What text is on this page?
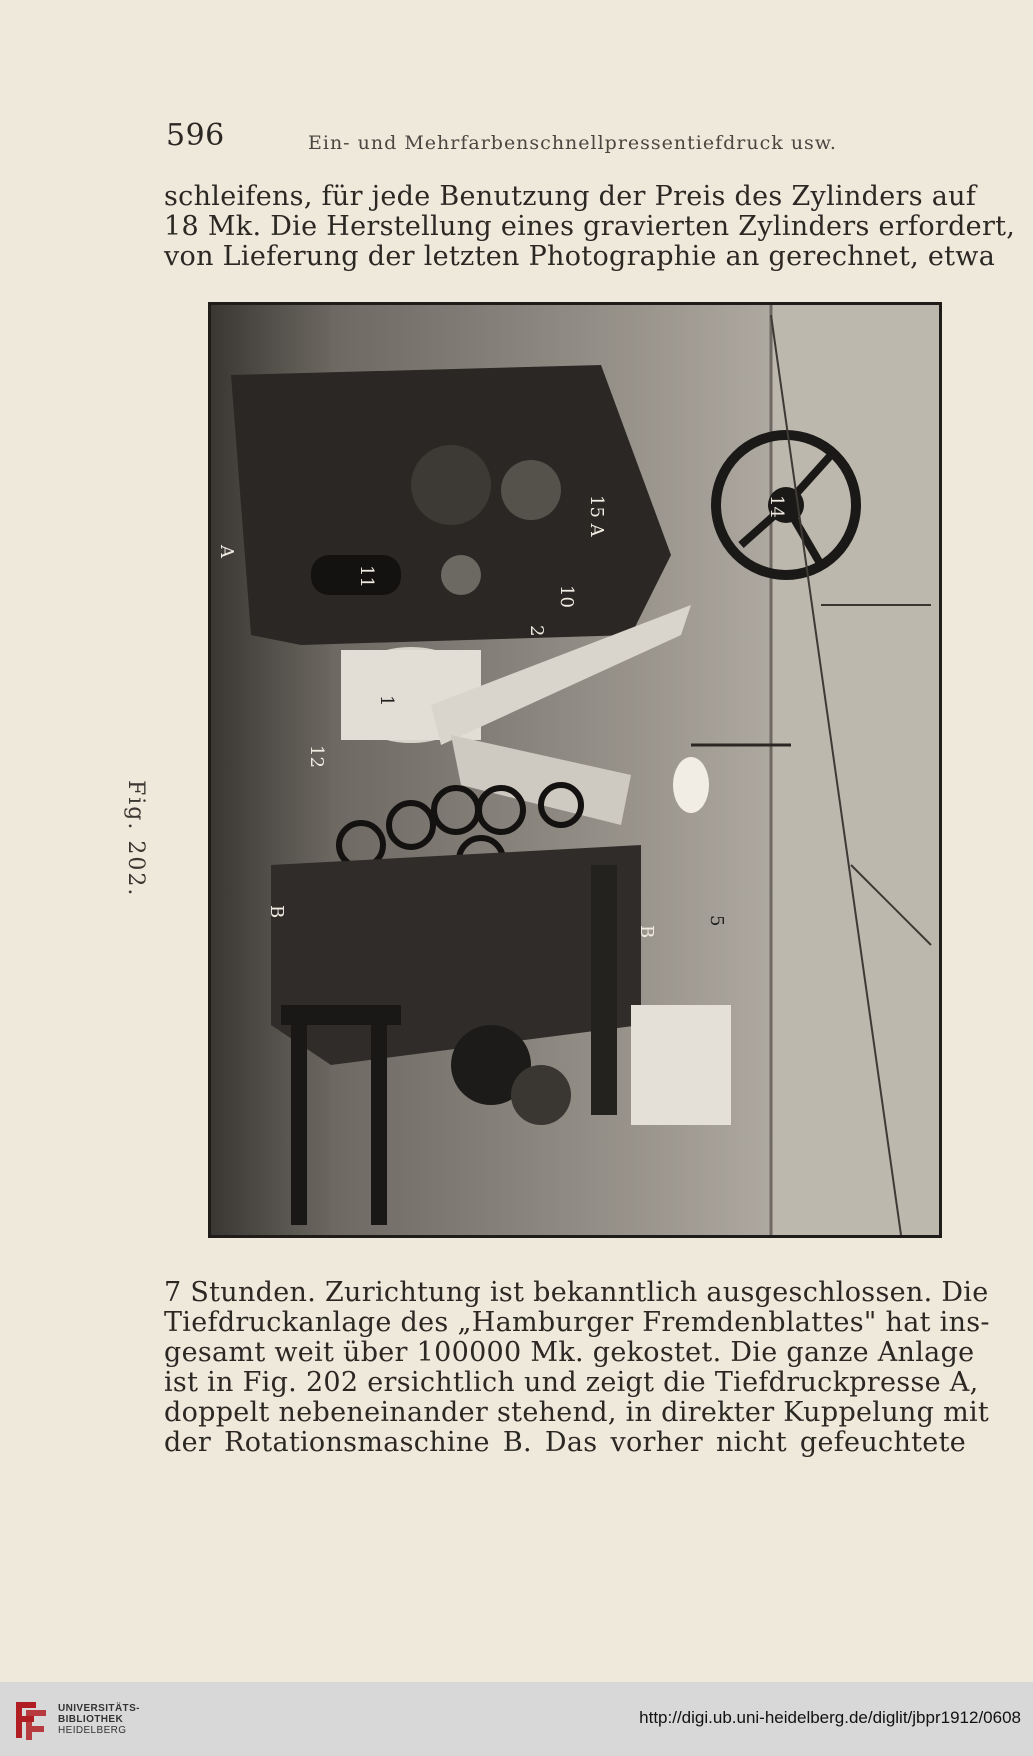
596	Ein- und Mehrfarbenschnellpressentiefdruck usw.
schleifens, für jede Benutzung der Preis des Zylinders auf
18 Mk. Die Herstellung eines gravierten Zylinders erfordert,
von Lieferung der letzten Photographie an gerechnet, etwa
Fig. 202.
A
B
1
2
5
10
11
12
14
15 A
B
7 Stunden. Zurichtung ist bekanntlich ausgeschlossen. Die
Tiefdruckanlage des „Hamburger Fremdenblattes" hat ins-
gesamt weit über 100000 Mk. gekostet. Die ganze Anlage
ist in Fig. 202 ersichtlich und zeigt die Tiefdruckpresse A,
doppelt nebeneinander stehend, in direkter Kuppelung mit
der Rotationsmaschine B. Das vorher nicht gefeuchtete
UNIVERSITÄTS-
BIBLIOTHEK
HEIDELBERG
http://digi.ub.uni-heidelberg.de/diglit/jbpr1912/0608
